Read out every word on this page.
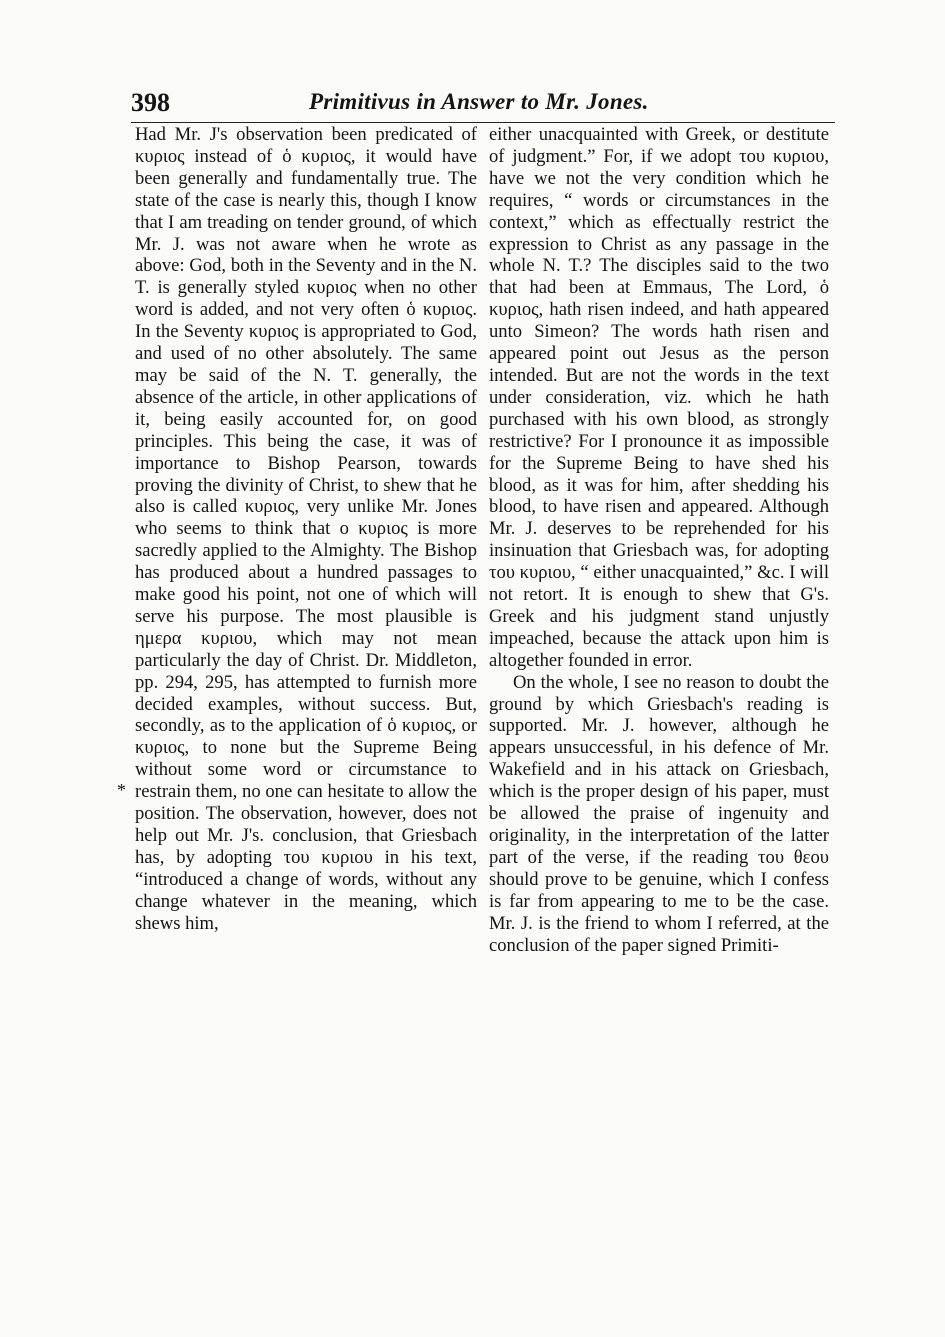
398	Primitivus in Answer to Mr. Jones.
*

Had Mr. J's observation been predicated of κυριος instead of ὁ κυριος, it would have been generally and fundamentally true. The state of the case is nearly this, though I know that I am treading on tender ground, of which Mr. J. was not aware when he wrote as above: God, both in the Seventy and in the N. T. is generally styled κυριος when no other word is added, and not very often ὁ κυριος. In the Seventy κυριος is appropriated to God, and used of no other absolutely. The same may be said of the N. T. generally, the absence of the article, in other applications of it, being easily accounted for, on good principles. This being the case, it was of importance to Bishop Pearson, towards proving the divinity of Christ, to shew that he also is called κυριος, very unlike Mr. Jones who seems to think that ο κυριος is more sacredly applied to the Almighty. The Bishop has produced about a hundred passages to make good his point, not one of which will serve his purpose. The most plausible is ημερα κυριου, which may not mean particularly the day of Christ. Dr. Middleton, pp. 294, 295, has attempted to furnish more decided examples, without success. But, secondly, as to the application of ὁ κυριος, or κυριος, to none but the Supreme Being without some word or circumstance to restrain them, no one can hesitate to allow the position. The observation, however, does not help out Mr. J's. conclusion, that Griesbach has, by adopting του κυριου in his text, “introduced a change of words, without any change whatever in the meaning, which shews him,

either unacquainted with Greek, or destitute of judgment.” For, if we adopt του κυριου, have we not the very condition which he requires, “ words or circumstances in the context,” which as effectually restrict the expression to Christ as any passage in the whole N. T.? The disciples said to the two that had been at Emmaus, The Lord, ὁ κυριος, hath risen indeed, and hath appeared unto Simeon? The words hath risen and appeared point out Jesus as the person intended. But are not the words in the text under consideration, viz. which he hath purchased with his own blood, as strongly restrictive? For I pronounce it as impossible for the Supreme Being to have shed his blood, as it was for him, after shedding his blood, to have risen and appeared. Although Mr. J. deserves to be reprehended for his insinuation that Griesbach was, for adopting του κυριου, “ either unacquainted,” &c. I will not retort. It is enough to shew that G's. Greek and his judgment stand unjustly impeached, because the attack upon him is altogether founded in error.

On the whole, I see no reason to doubt the ground by which Griesbach's reading is supported. Mr. J. however, although he appears unsuccessful, in his defence of Mr. Wakefield and in his attack on Griesbach, which is the proper design of his paper, must be allowed the praise of ingenuity and originality, in the interpretation of the latter part of the verse, if the reading του θεου should prove to be genuine, which I confess is far from appearing to me to be the case. Mr. J. is the friend to whom I referred, at the conclusion of the paper signed Primiti-
